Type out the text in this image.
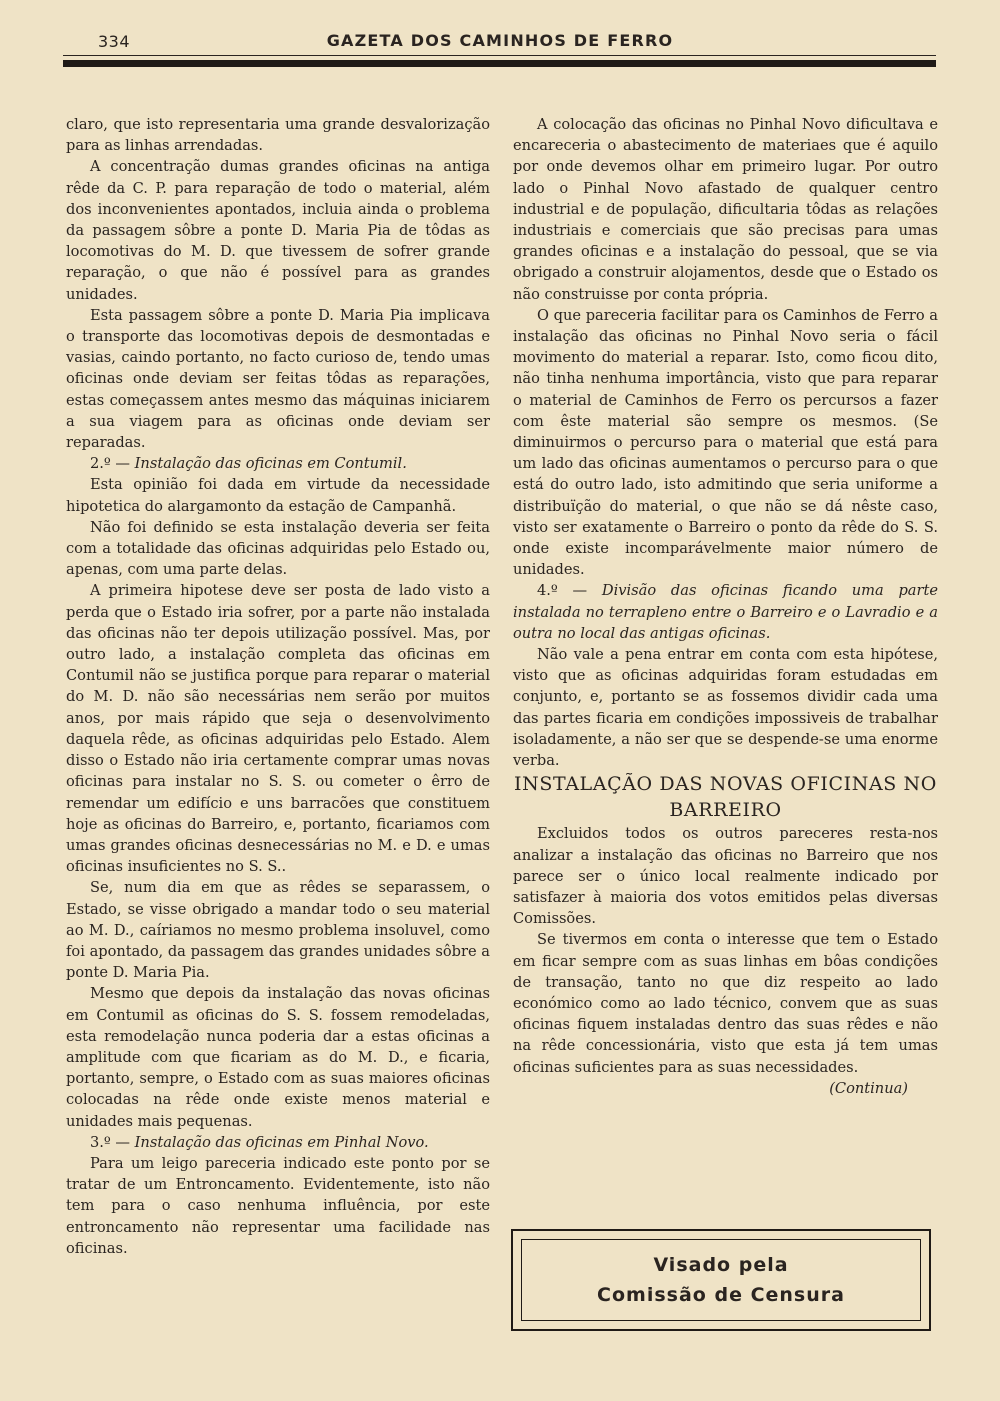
334	GAZETA DOS CAMINHOS DE FERRO

claro, que isto representaria uma grande desvalorização para as linhas arrendadas.

A concentração dumas grandes oficinas na antiga rêde da C. P. para reparação de todo o material, além dos inconvenientes apontados, incluia ainda o problema da passagem sôbre a ponte D. Maria Pia de tôdas as locomotivas do M. D. que tivessem de sofrer grande reparação, o que não é possível para as grandes unidades.

Esta passagem sôbre a ponte D. Maria Pia implicava o transporte das locomotivas depois de desmontadas e vasias, caindo portanto, no facto curioso de, tendo umas oficinas onde deviam ser feitas tôdas as reparações, estas começassem antes mesmo das máquinas iniciarem a sua viagem para as oficinas onde deviam ser reparadas.

2.º — Instalação das oficinas em Contumil.

Esta opinião foi dada em virtude da necessidade hipotetica do alargamonto da estação de Campanhã.

Não foi definido se esta instalação deveria ser feita com a totalidade das oficinas adquiridas pelo Estado ou, apenas, com uma parte delas.

A primeira hipotese deve ser posta de lado visto a perda que o Estado iria sofrer, por a parte não instalada das oficinas não ter depois utilização possível. Mas, por outro lado, a instalação completa das oficinas em Contumil não se justifica porque para reparar o material do M. D. não são necessárias nem serão por muitos anos, por mais rápido que seja o desenvolvimento daquela rêde, as oficinas adquiridas pelo Estado. Alem disso o Estado não iria certamente comprar umas novas oficinas para instalar no S. S. ou cometer o êrro de remendar um edifício e uns barracões que constituem hoje as oficinas do Barreiro, e, portanto, ficariamos com umas grandes oficinas desnecessárias no M. e D. e umas oficinas insuficientes no S. S..

Se, num dia em que as rêdes se separassem, o Estado, se visse obrigado a mandar todo o seu material ao M. D., caíriamos no mesmo problema insoluvel, como foi apontado, da passagem das grandes unidades sôbre a ponte D. Maria Pia.

Mesmo que depois da instalação das novas oficinas em Contumil as oficinas do S. S. fossem remodeladas, esta remodelação nunca poderia dar a estas oficinas a amplitude com que ficariam as do M. D., e ficaria, portanto, sempre, o Estado com as suas maiores oficinas colocadas na rêde onde existe menos material e unidades mais pequenas.

3.º — Instalação das oficinas em Pinhal Novo.

Para um leigo pareceria indicado este ponto por se tratar de um Entroncamento. Evidentemente, isto não tem para o caso nenhuma influência, por este entroncamento não representar uma facilidade nas oficinas.

A colocação das oficinas no Pinhal Novo dificultava e encareceria o abastecimento de materiaes que é aquilo por onde devemos olhar em primeiro lugar. Por outro lado o Pinhal Novo afastado de qualquer centro industrial e de população, dificultaria tôdas as relações industriais e comerciais que são precisas para umas grandes oficinas e a instalação do pessoal, que se via obrigado a construir alojamentos, desde que o Estado os não construisse por conta própria.

O que pareceria facilitar para os Caminhos de Ferro a instalação das oficinas no Pinhal Novo seria o fácil movimento do material a reparar. Isto, como ficou dito, não tinha nenhuma importância, visto que para reparar o material de Caminhos de Ferro os percursos a fazer com êste material são sempre os mesmos. (Se diminuirmos o percurso para o material que está para um lado das oficinas aumentamos o percurso para o que está do outro lado, isto admitindo que seria uniforme a distribuïção do material, o que não se dá nêste caso, visto ser exatamente o Barreiro o ponto da rêde do S. S. onde existe incomparávelmente maior número de unidades.

4.º — Divisão das oficinas ficando uma parte instalada no terrapleno entre o Barreiro e o Lavradio e a outra no local das antigas oficinas.

Não vale a pena entrar em conta com esta hipótese, visto que as oficinas adquiridas foram estudadas em conjunto, e, portanto se as fossemos dividir cada uma das partes ficaria em condições impossiveis de trabalhar isoladamente, a não ser que se despende-se uma enorme verba.

INSTALAÇÃO DAS NOVAS OFICINAS NO BARREIRO

Excluidos todos os outros pareceres resta-nos analizar a instalação das oficinas no Barreiro que nos parece ser o único local realmente indicado por satisfazer à maioria dos votos emitidos pelas diversas Comissões.

Se tivermos em conta o interesse que tem o Estado em ficar sempre com as suas linhas em bôas condições de transação, tanto no que diz respeito ao lado económico como ao lado técnico, convem que as suas oficinas fiquem instaladas dentro das suas rêdes e não na rêde concessionária, visto que esta já tem umas oficinas suficientes para as suas necessidades.

(Continua)

Visado pela
Comissão de Censura
